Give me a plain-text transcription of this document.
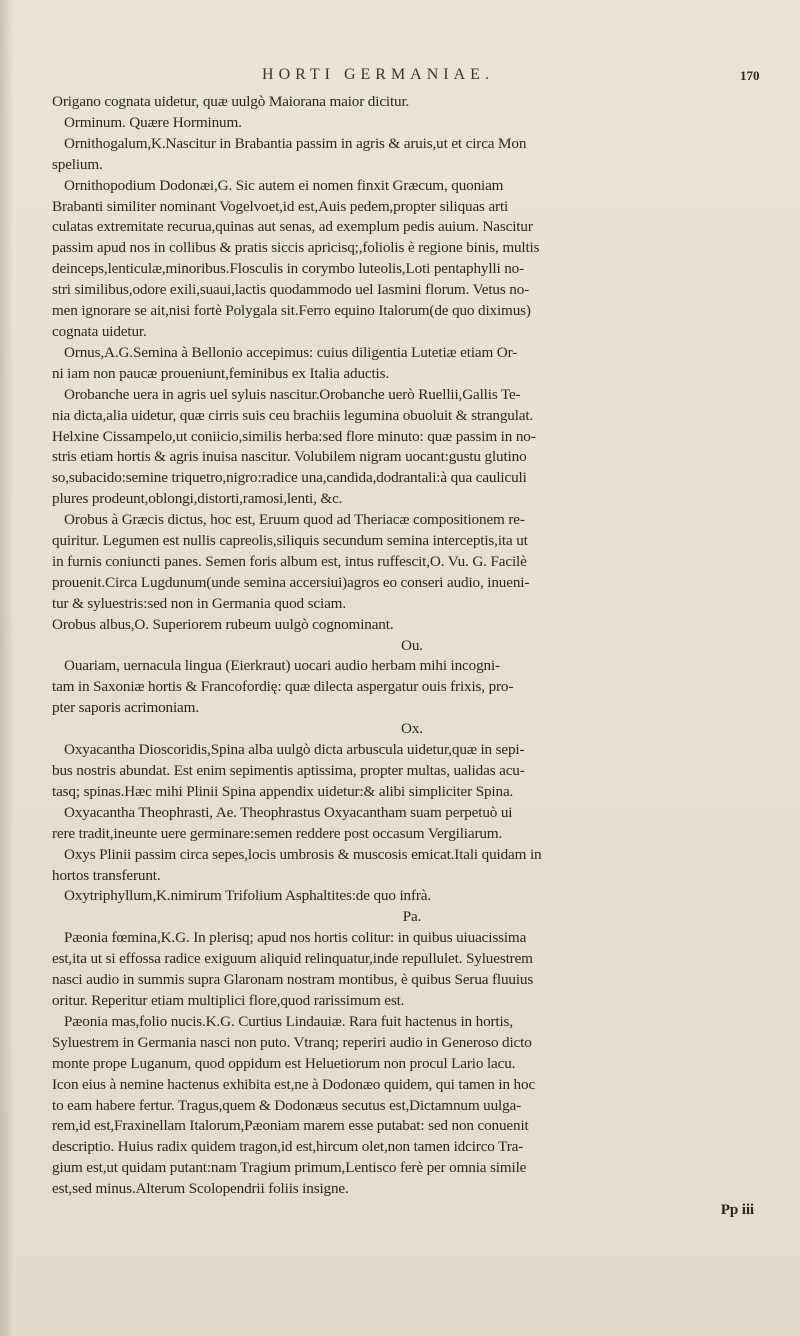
HORTI GERMANIAE.	170
Origano cognata uidetur, quæ uulgò Maiorana maior dicitur.
Orminum. Quære Horminum.
Ornithogalum,K.Nascitur in Brabantia passim in agris & aruis,ut et circa Mon
spelium.
Ornithopodium Dodonæi,G. Sic autem ei nomen finxit Græcum, quoniam
Brabanti similiter nominant Vogelvoet,id est,Auis pedem,propter siliquas arti
culatas extremitate recurua,quinas aut senas, ad exemplum pedis auium. Nascitur
passim apud nos in collibus & pratis siccis apricisq;,foliolis è regione binis, multis
deinceps,lenticulæ,minoribus.Flosculis in corymbo luteolis,Loti pentaphylli no-
stri similibus,odore exili,suaui,lactis quodammodo uel Iasmini florum. Vetus no-
men ignorare se ait,nisi fortè Polygala sit.Ferro equino Italorum(de quo diximus)
cognata uidetur.
Ornus,A.G.Semina à Bellonio accepimus: cuius diligentia Lutetiæ etiam Or-
ni iam non paucæ proueniunt,feminibus ex Italia aductis.
Orobanche uera in agris uel syluis nascitur.Orobanche uerò Ruellii,Gallis Te-
nia dicta,alia uidetur, quæ cirris suis ceu brachiis legumina obuoluit & strangulat.
Helxine Cissampelo,ut coniicio,similis herba:sed flore minuto: quæ passim in no-
stris etiam hortis & agris inuisa nascitur. Volubilem nigram uocant:gustu glutino
so,subacido:semine triquetro,nigro:radice una,candida,dodrantali:à qua cauliculi
plures prodeunt,oblongi,distorti,ramosi,lenti, &c.
Orobus à Græcis dictus, hoc est, Eruum quod ad Theriacæ compositionem re-
quiritur. Legumen est nullis capreolis,siliquis secundum semina interceptis,ita ut
in furnis coniuncti panes. Semen foris album est, intus ruffescit,O. Vu. G. Facilè
prouenit.Circa Lugdunum(unde semina accersiui)agros eo conseri audio, inueni-
tur & syluestris:sed non in Germania quod sciam.
Orobus albus,O. Superiorem rubeum uulgò cognominant.
Ou.
Ouariam, uernacula lingua (Eierkraut) uocari audio herbam mihi incogni-
tam in Saxoniæ hortis & Francofordię: quæ dilecta aspergatur ouis frixis, pro-
pter saporis acrimoniam.
Ox.
Oxyacantha Dioscoridis,Spina alba uulgò dicta arbuscula uidetur,quæ in sepi-
bus nostris abundat. Est enim sepimentis aptissima, propter multas, ualidas acu-
tasq; spinas.Hæc mihi Plinii Spina appendix uidetur:& alibi simpliciter Spina.
Oxyacantha Theophrasti, Ae. Theophrastus Oxyacantham suam perpetuò ui
rere tradit,ineunte uere germinare:semen reddere post occasum Vergiliarum.
Oxys Plinii passim circa sepes,locis umbrosis & muscosis emicat.Itali quidam in
hortos transferunt.
Oxytriphyllum,K.nimirum Trifolium Asphaltites:de quo infrà.
Pa.
Pæonia fœmina,K.G. In plerisq; apud nos hortis colitur: in quibus uiuacissima
est,ita ut si effossa radice exiguum aliquid relinquatur,inde repullulet. Syluestrem
nasci audio in summis supra Glaronam nostram montibus, è quibus Serua fluuius
oritur. Reperitur etiam multiplici flore,quod rarissimum est.
Pæonia mas,folio nucis.K.G. Curtius Lindauiæ. Rara fuit hactenus in hortis,
Syluestrem in Germania nasci non puto. Vtranq; reperiri audio in Generoso dicto
monte prope Luganum, quod oppidum est Heluetiorum non procul Lario lacu.
Icon eius à nemine hactenus exhibita est,ne à Dodonæo quidem, qui tamen in hoc
to eam habere fertur. Tragus,quem & Dodonæus secutus est,Dictamnum uulga-
rem,id est,Fraxinellam Italorum,Pæoniam marem esse putabat: sed non conuenit
descriptio. Huius radix quidem tragon,id est,hircum olet,non tamen idcirco Tra-
gium est,ut quidam putant:nam Tragium primum,Lentisco ferè per omnia simile
est,sed minus.Alterum Scolopendrii foliis insigne.
Pp iii
